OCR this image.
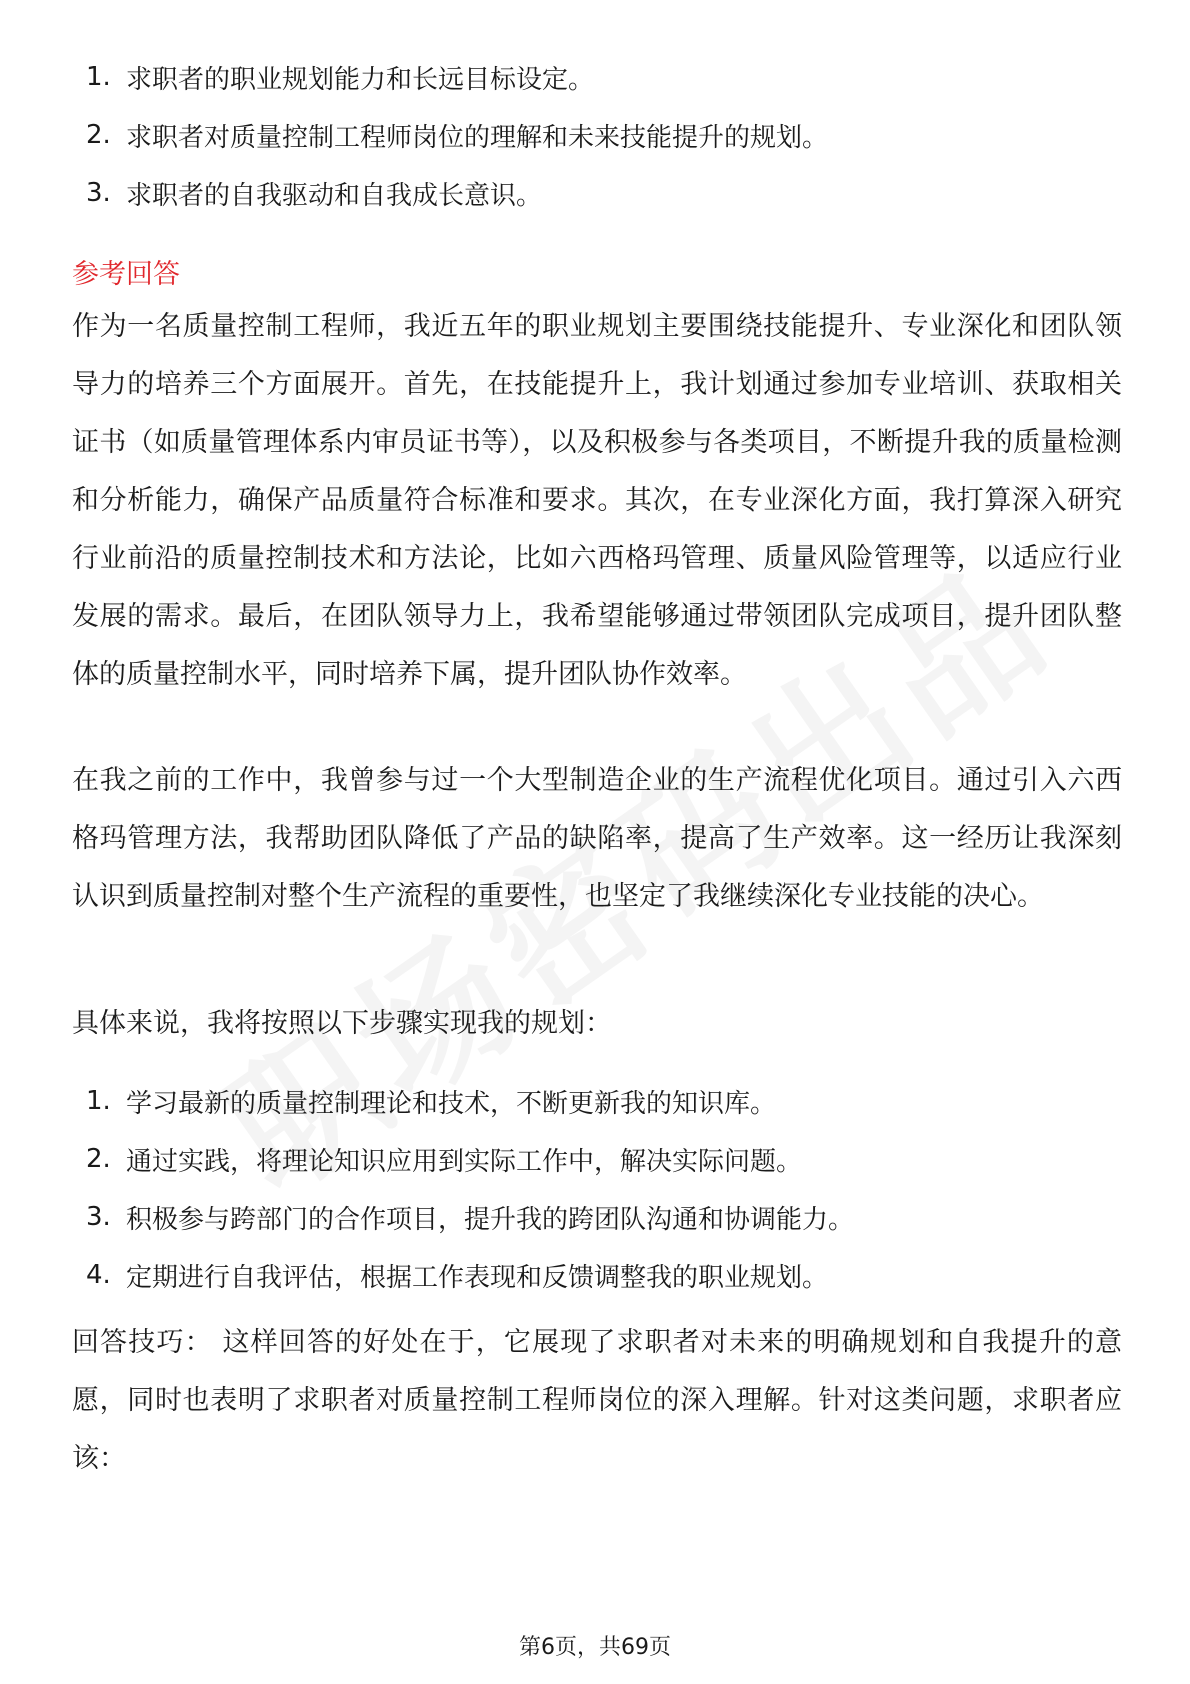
1. 求职者的职业规划能力和长远目标设定。
2. 求职者对质量控制工程师岗位的理解和未来技能提升的规划。
3. 求职者的自我驱动和自我成长意识。
参考回答

作为一名质量控制工程师，我近五年的职业规划主要围绕技能提升、专业深化和团队领导力的培养三个方面展开。首先，在技能提升上，我计划通过参加专业培训、获取相关证书（如质量管理体系内审员证书等），以及积极参与各类项目，不断提升我的质量检测和分析能力，确保产品质量符合标准和要求。其次，在专业深化方面，我打算深入研究行业前沿的质量控制技术和方法论，比如六西格玛管理、质量风险管理等，以适应行业发展的需求。最后，在团队领导力上，我希望能够通过带领团队完成项目，提升团队整体的质量控制水平，同时培养下属，提升团队协作效率。

在我之前的工作中，我曾参与过一个大型制造企业的生产流程优化项目。通过引入六西格玛管理方法，我帮助团队降低了产品的缺陷率，提高了生产效率。这一经历让我深刻认识到质量控制对整个生产流程的重要性，也坚定了我继续深化专业技能的决心。

具体来说，我将按照以下步骤实现我的规划：

1. 学习最新的质量控制理论和技术，不断更新我的知识库。
2. 通过实践，将理论知识应用到实际工作中，解决实际问题。
3. 积极参与跨部门的合作项目，提升我的跨团队沟通和协调能力。
4. 定期进行自我评估，根据工作表现和反馈调整我的职业规划。

回答技巧： 这样回答的好处在于，它展现了求职者对未来的明确规划和自我提升的意愿，同时也表明了求职者对质量控制工程师岗位的深入理解。针对这类问题，求职者应该：

第6页，共69页
